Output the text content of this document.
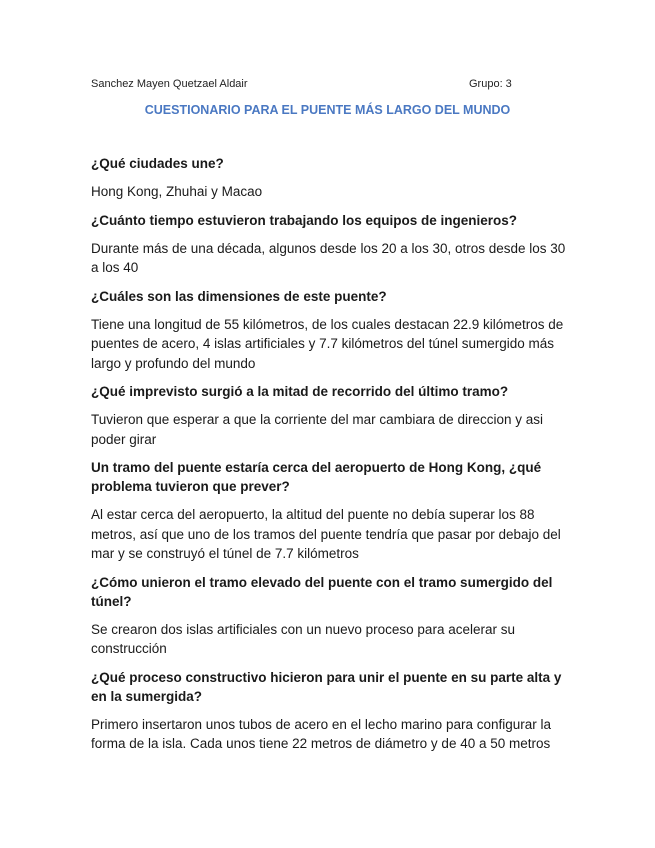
Sanchez Mayen Quetzael Aldair	Grupo: 3
CUESTIONARIO PARA EL PUENTE MÁS LARGO DEL MUNDO
¿Qué ciudades une?
Hong Kong, Zhuhai y Macao
¿Cuánto tiempo estuvieron trabajando los equipos de ingenieros?
Durante más de una década, algunos desde los 20 a los 30, otros desde los 30 a los 40
¿Cuáles son las dimensiones de este puente?
Tiene una longitud de 55 kilómetros, de los cuales destacan 22.9 kilómetros de puentes de acero, 4 islas artificiales y 7.7 kilómetros del túnel sumergido más largo y profundo del mundo
¿Qué imprevisto surgió a la mitad de recorrido del último tramo?
Tuvieron que esperar a que la corriente del mar cambiara de direccion y asi poder girar
Un tramo del puente estaría cerca del aeropuerto de Hong Kong, ¿qué problema tuvieron que prever?
Al estar cerca del aeropuerto, la altitud del puente no debía superar los 88 metros, así que uno de los tramos del puente tendría que pasar por debajo del mar y se construyó el túnel de 7.7 kilómetros
¿Cómo unieron el tramo elevado del puente con el tramo sumergido del túnel?
Se crearon dos islas artificiales con un nuevo proceso para acelerar su construcción
¿Qué proceso constructivo hicieron para unir el puente en su parte alta y en la sumergida?
Primero insertaron unos tubos de acero en el lecho marino para configurar la forma de la isla. Cada unos tiene 22 metros de diámetro y de 40 a 50 metros
